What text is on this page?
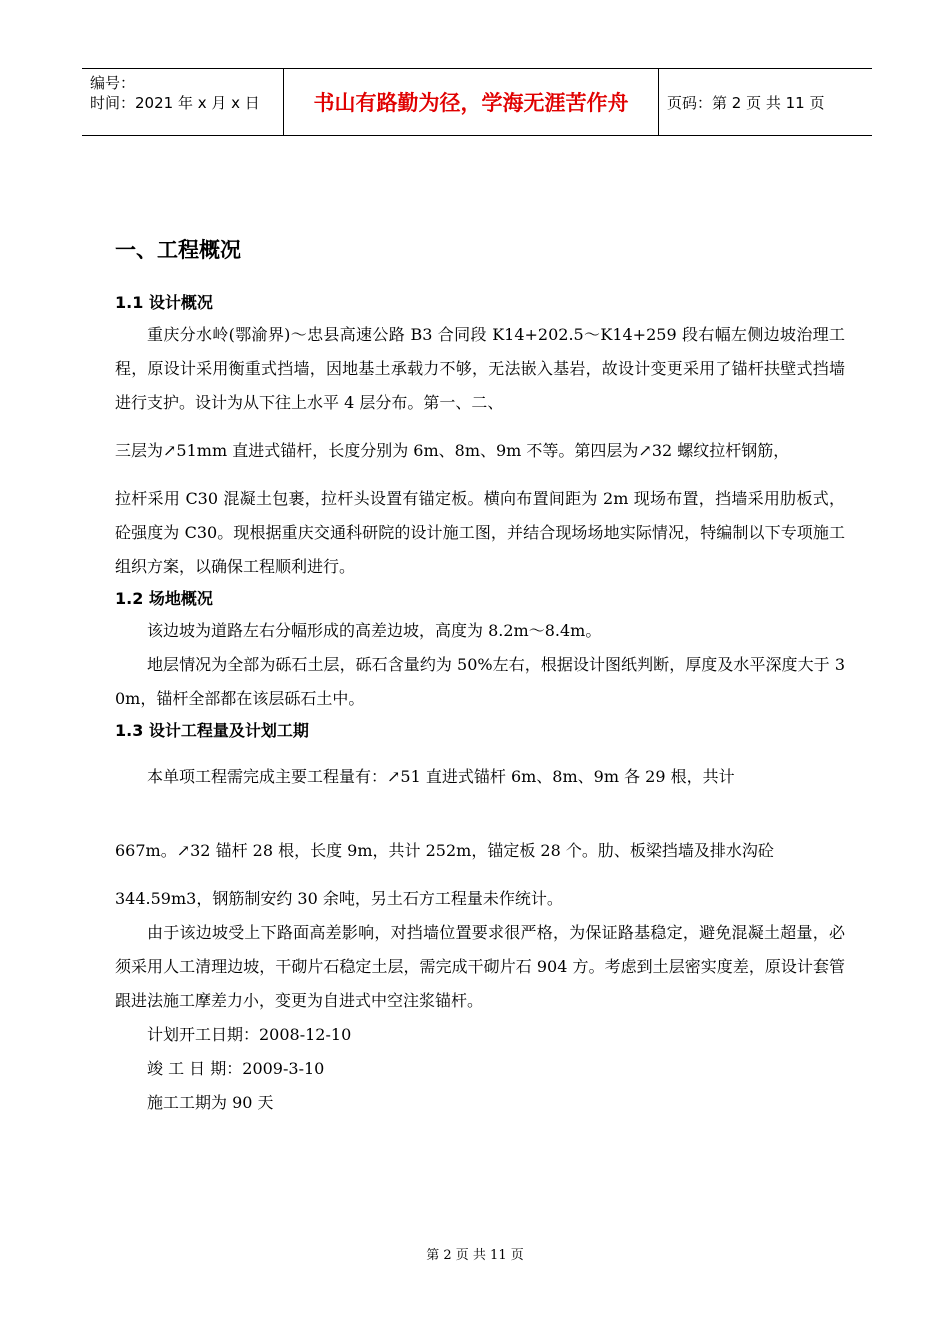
编号：
时间：2021 年 x 月 x 日	书山有路勤为径，学海无涯苦作舟	页码：第 2 页 共 11 页
一、工程概况
1.1 设计概况
重庆分水岭(鄂渝界)～忠县高速公路 B3 合同段 K14+202.5～K14+259 段右幅左侧边坡治理工程，原设计采用衡重式挡墙，因地基土承载力不够，无法嵌入基岩，故设计变更采用了锚杆扶壁式挡墙进行支护。设计为从下往上水平 4 层分布。第一、二、
三层为↗51mm 直进式锚杆，长度分别为 6m、8m、9m 不等。第四层为↗32 螺纹拉杆钢筋，
拉杆采用 C30 混凝土包裹，拉杆头设置有锚定板。横向布置间距为 2m 现场布置，挡墙采用肋板式，砼强度为 C30。现根据重庆交通科研院的设计施工图，并结合现场场地实际情况，特编制以下专项施工组织方案，以确保工程顺利进行。
1.2 场地概况
该边坡为道路左右分幅形成的高差边坡，高度为 8.2m～8.4m。
地层情况为全部为砾石土层，砾石含量约为 50%左右，根据设计图纸判断，厚度及水平深度大于 30m，锚杆全部都在该层砾石土中。
1.3 设计工程量及计划工期
本单项工程需完成主要工程量有：↗51 直进式锚杆 6m、8m、9m 各 29 根，共计
667m。↗32 锚杆 28 根，长度 9m，共计 252m，锚定板 28 个。肋、板梁挡墙及排水沟砼
344.59m3，钢筋制安约 30 余吨，另土石方工程量未作统计。
由于该边坡受上下路面高差影响，对挡墙位置要求很严格，为保证路基稳定，避免混凝土超量，必须采用人工清理边坡，干砌片石稳定土层，需完成干砌片石 904 方。考虑到土层密实度差，原设计套管跟进法施工摩差力小，变更为自进式中空注浆锚杆。
计划开工日期：2008-12-10
竣 工 日 期：2009-3-10
施工工期为 90 天
第 2 页 共 11 页
